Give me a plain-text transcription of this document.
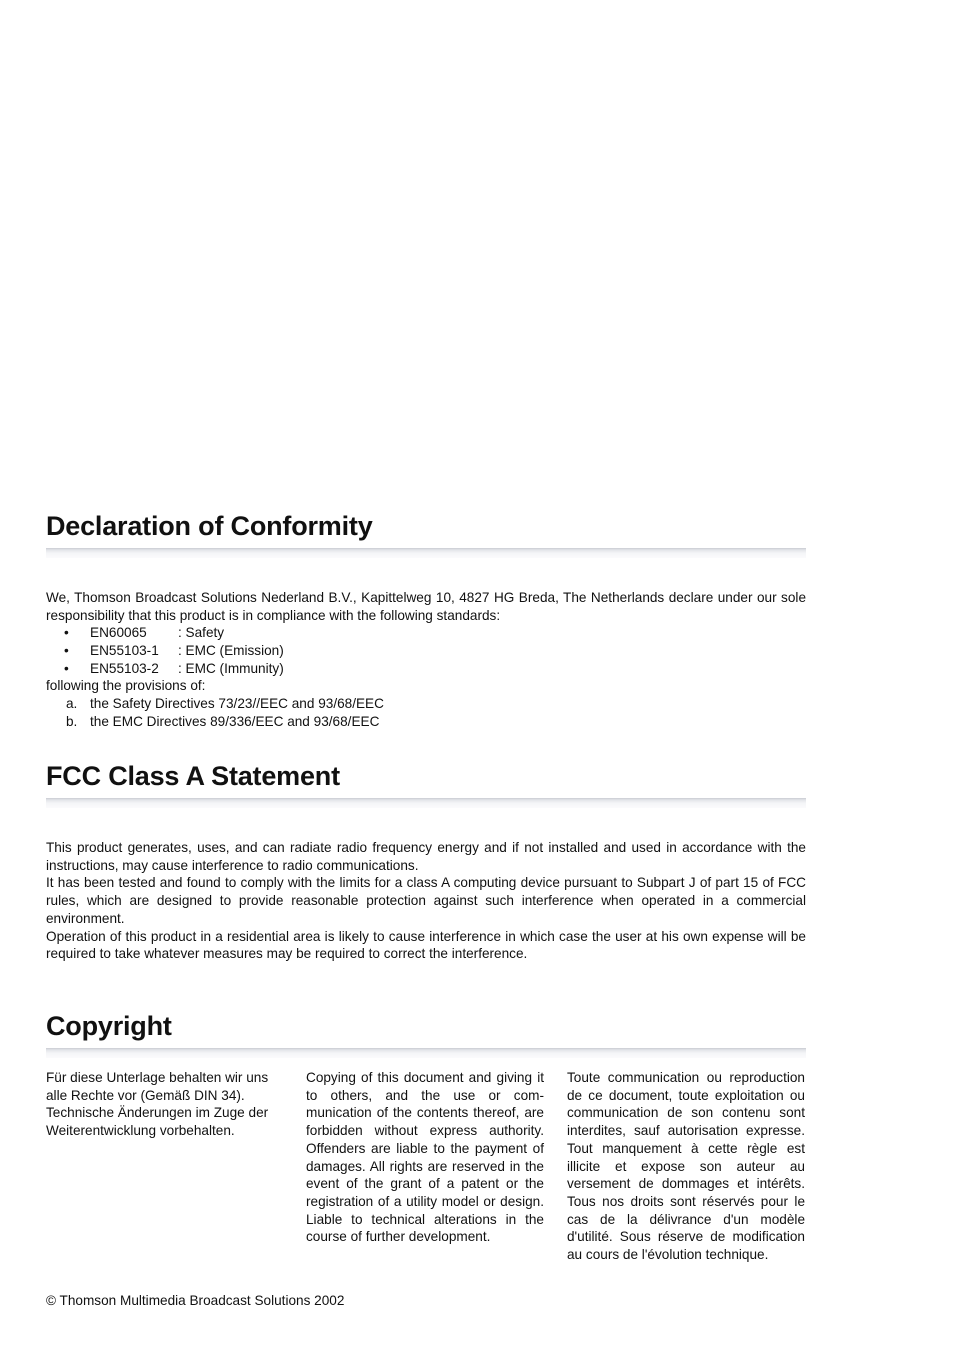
Declaration of Conformity

We, Thomson Broadcast Solutions Nederland B.V., Kapittelweg 10, 4827 HG Breda, The Netherlands declare under our sole responsibility that this product is in compliance with the following standards:

• EN60065 : Safety
• EN55103-1 : EMC (Emission)
• EN55103-2 : EMC (Immunity)

following the provisions of:

a. the Safety Directives 73/23//EEC and 93/68/EEC
b. the EMC Directives 89/336/EEC and 93/68/EEC
FCC Class A Statement

This product generates, uses, and can radiate radio frequency energy and if not installed and used in accordance with the instructions, may cause interference to radio communications.

It has been tested and found to comply with the limits for a class A computing device pursuant to Subpart J of part 15 of FCC rules, which are designed to provide reasonable protection against such interference when operated in a commercial environment.

Operation of this product in a residential area is likely to cause interference in which case the user at his own expense will be required to take whatever measures may be required to correct the interference.

Copyright
Für diese Unterlage behalten wir uns alle Rechte vor (Gemäß DIN 34). Technische Änderungen im Zuge der Weiterentwicklung vorbehalten.
Copying of this document and giving it to others, and the use or communication of the contents thereof, are forbidden without express authority. Offenders are liable to the payment of damages. All rights are reserved in the event of the grant of a patent or the registration of a utility model or design. Liable to technical alterations in the course of further development.
Toute communication ou reproduction de ce document, toute exploitation ou communication de son contenu sont interdites, sauf autorisation expresse. Tout manquement à cette règle est illicite et expose son auteur au versement de dommages et intérêts. Tous nos droits sont réservés pour le cas de la délivrance d'un modèle d'utilité. Sous réserve de modification au cours de l'évolution technique.
© Thomson Multimedia Broadcast Solutions 2002
